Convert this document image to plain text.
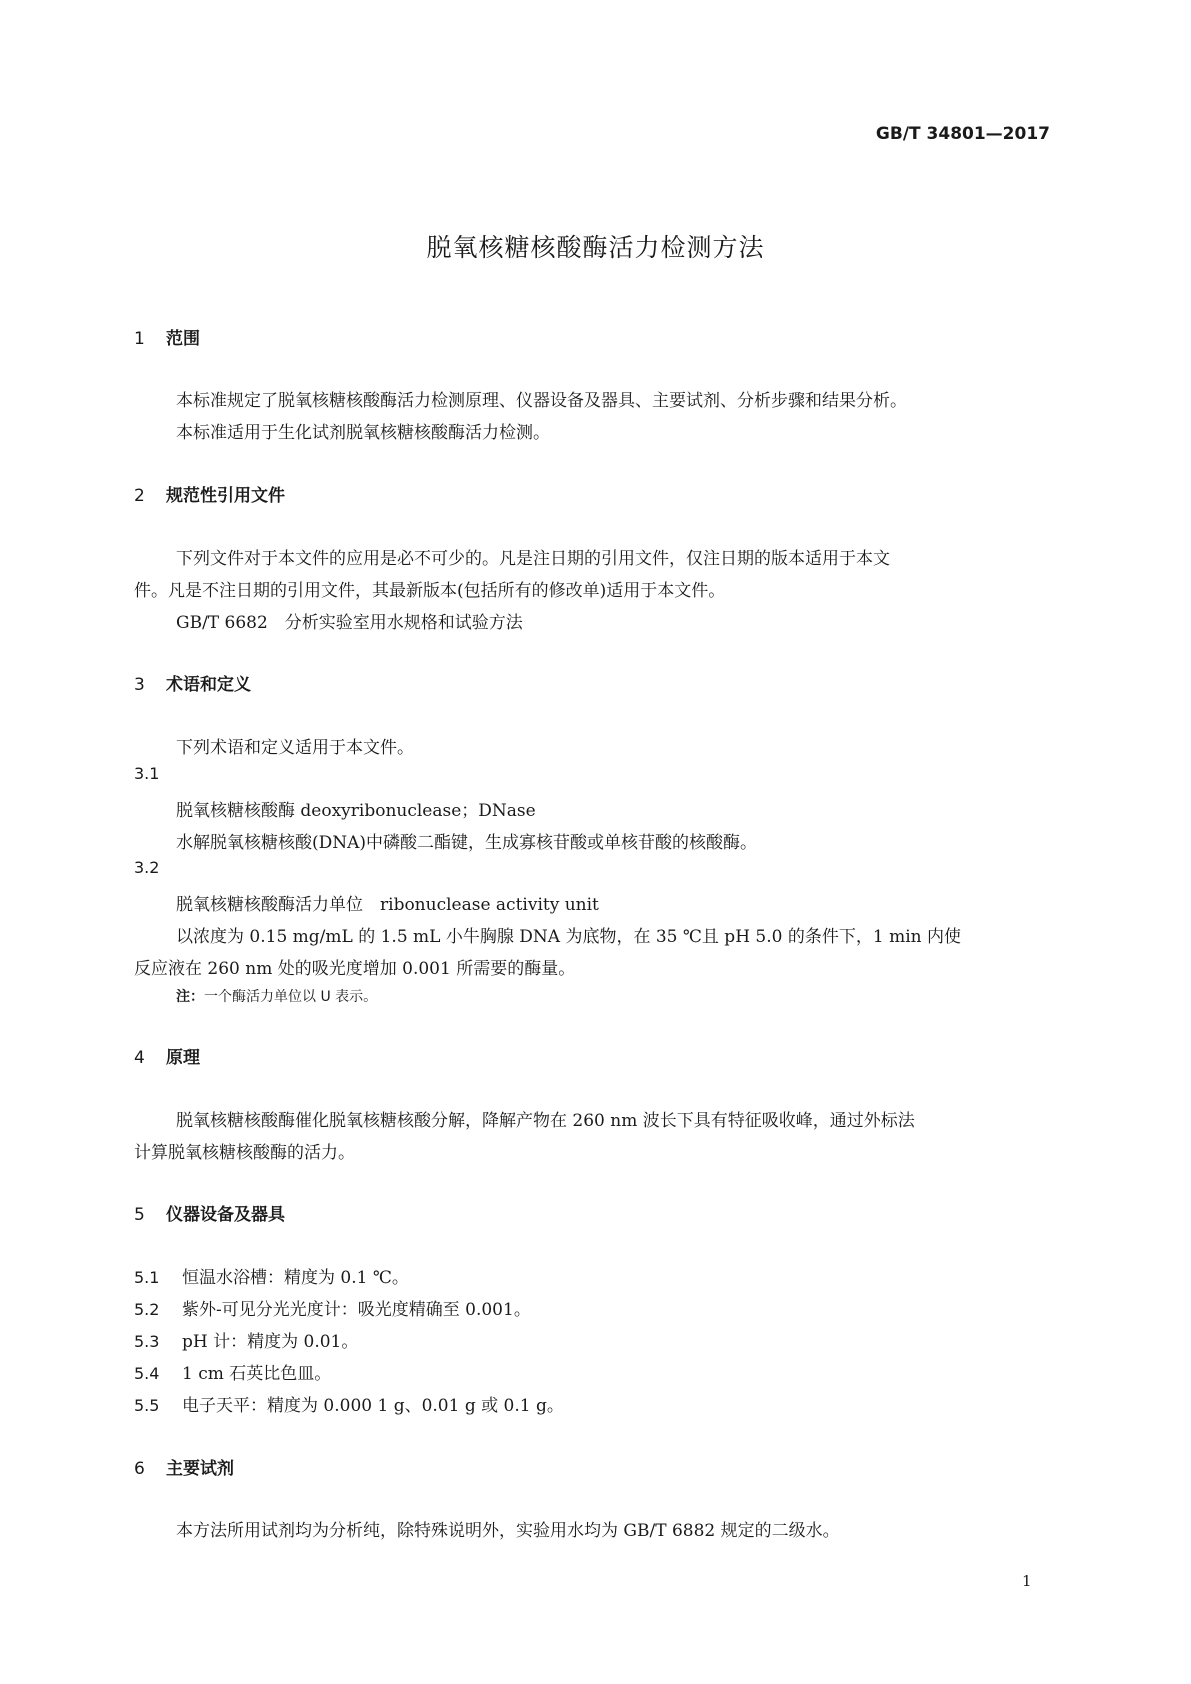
GB/T 34801—2017
脱氧核糖核酸酶活力检测方法
1 范围
本标准规定了脱氧核糖核酸酶活力检测原理、仪器设备及器具、主要试剂、分析步骤和结果分析。
本标准适用于生化试剂脱氧核糖核酸酶活力检测。
2 规范性引用文件
下列文件对于本文件的应用是必不可少的。凡是注日期的引用文件，仅注日期的版本适用于本文
件。凡是不注日期的引用文件，其最新版本(包括所有的修改单)适用于本文件。
GB/T 6682　分析实验室用水规格和试验方法
3 术语和定义
下列术语和定义适用于本文件。
3.1
脱氧核糖核酸酶 deoxyribonuclease；DNase
水解脱氧核糖核酸(DNA)中磷酸二酯键，生成寡核苷酸或单核苷酸的核酸酶。
3.2
脱氧核糖核酸酶活力单位　ribonuclease activity unit
以浓度为 0.15 mg/mL 的 1.5 mL 小牛胸腺 DNA 为底物，在 35 ℃且 pH 5.0 的条件下，1 min 内使
反应液在 260 nm 处的吸光度增加 0.001 所需要的酶量。
注：一个酶活力单位以 U 表示。
4 原理
脱氧核糖核酸酶催化脱氧核糖核酸分解，降解产物在 260 nm 波长下具有特征吸收峰，通过外标法
计算脱氧核糖核酸酶的活力。
5 仪器设备及器具
5.1 恒温水浴槽：精度为 0.1 ℃。
5.2 紫外-可见分光光度计：吸光度精确至 0.001。
5.3 pH 计：精度为 0.01。
5.4 1 cm 石英比色皿。
5.5 电子天平：精度为 0.000 1 g、0.01 g 或 0.1 g。
6 主要试剂
本方法所用试剂均为分析纯，除特殊说明外，实验用水均为 GB/T 6882 规定的二级水。
1
